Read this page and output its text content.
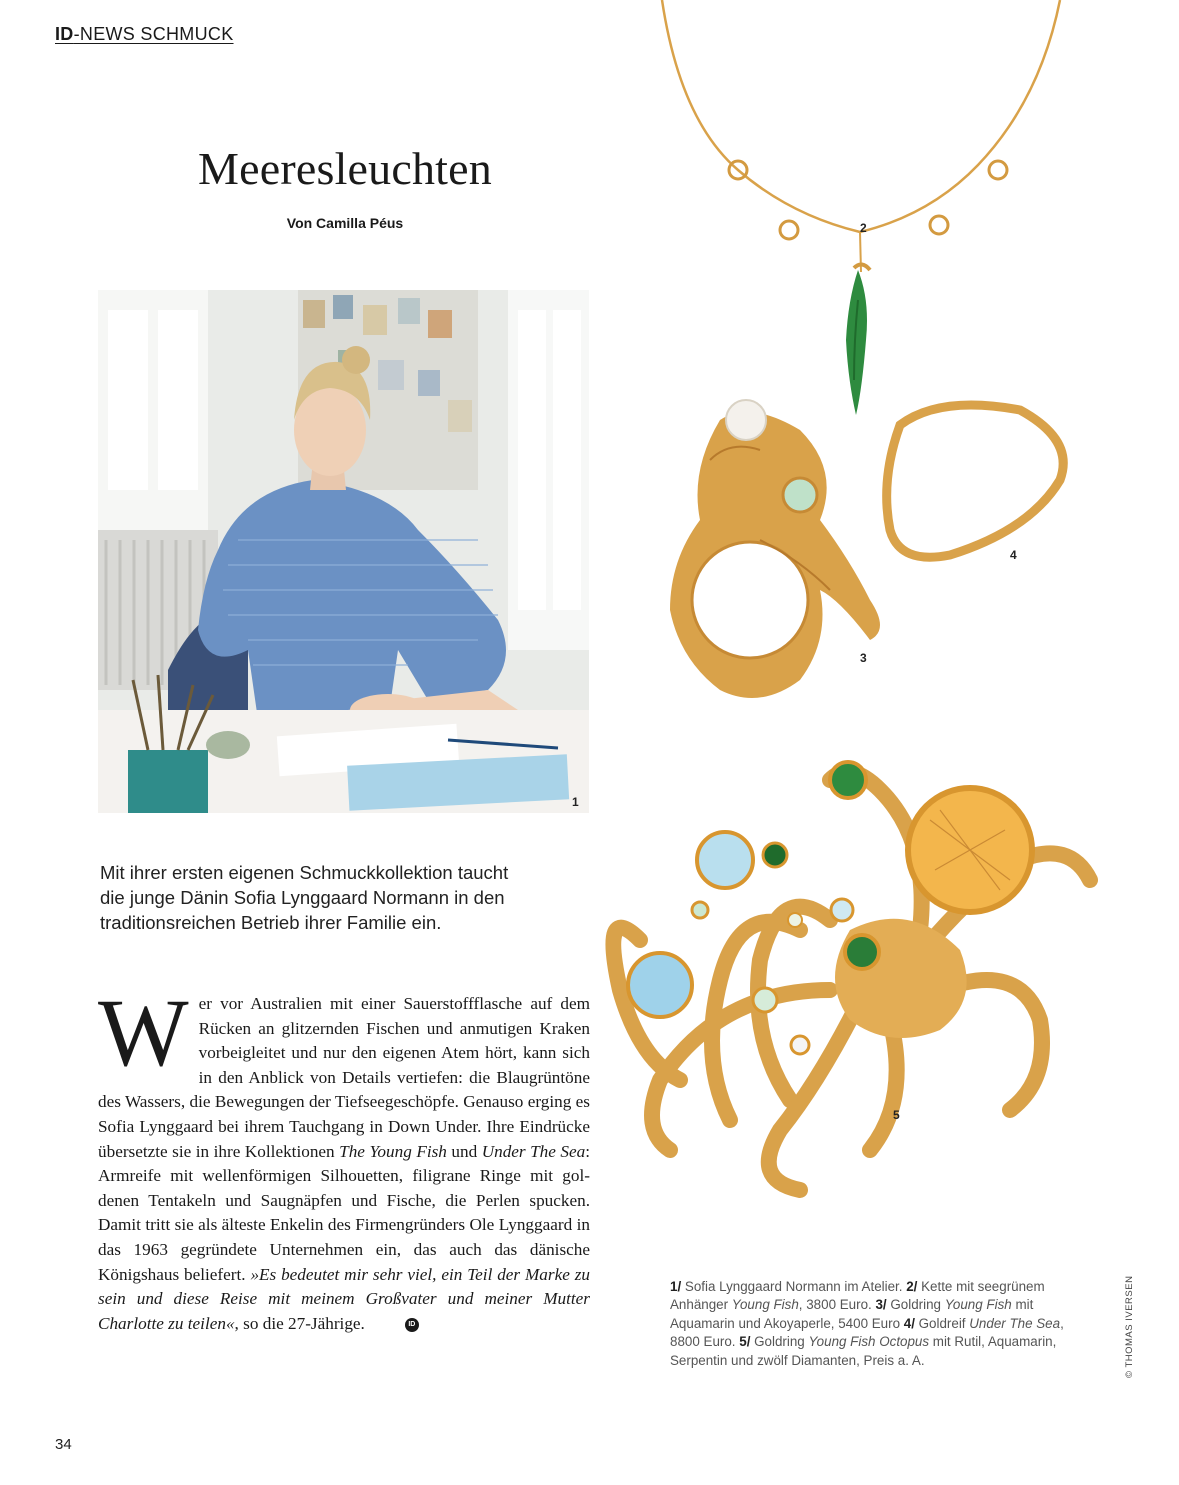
ID-NEWS SCHMUCK
Meeresleuchten
Von Camilla Péus
1
2
3
4
5
Mit ihrer ersten eigenen Schmuckkollektion taucht die junge Dänin Sofia Lynggaard Normann in den traditionsreichen Betrieb ihrer Familie ein.
Wer vor Australien mit einer Sauerstoffflasche auf dem Rücken an glitzernden Fischen und anmutigen Kraken vorbeigleitet und nur den eigenen Atem hört, kann sich in den Anblick von Details vertiefen: die Blaugrüntöne des Wassers, die Bewegungen der Tiefseegeschöpfe. Genauso erging es Sofia Lynggaard bei ihrem Tauchgang in Down Under. Ihre Eindrücke übersetzte sie in ihre Kollektionen The Young Fish und Under The Sea: Armreife mit wellenförmigen Silhouetten, filigrane Ringe mit goldenen Tentakeln und Saugnäpfen und Fische, die Perlen spucken. Damit tritt sie als älteste Enkelin des Firmengründers Ole Lynggaard in das 1963 gegründete Unternehmen ein, das auch das dänische Königshaus beliefert. »Es bedeutet mir sehr viel, ein Teil der Marke zu sein und diese Reise mit meinem Großvater und meiner Mutter Charlotte zu teilen«, so die 27-Jährige.	ID
1/ Sofia Lynggaard Normann im Atelier. 2/ Kette mit seegrünem Anhänger Young Fish, 3800 Euro. 3/ Goldring Young Fish mit Aquamarin und Akoyaperle, 5400 Euro 4/ Goldreif Under The Sea, 8800 Euro. 5/ Goldring Young Fish Octopus mit Rutil, Aquamarin, Serpentin und zwölf Diamanten, Preis a. A.	© THOMAS IVERSEN
34
